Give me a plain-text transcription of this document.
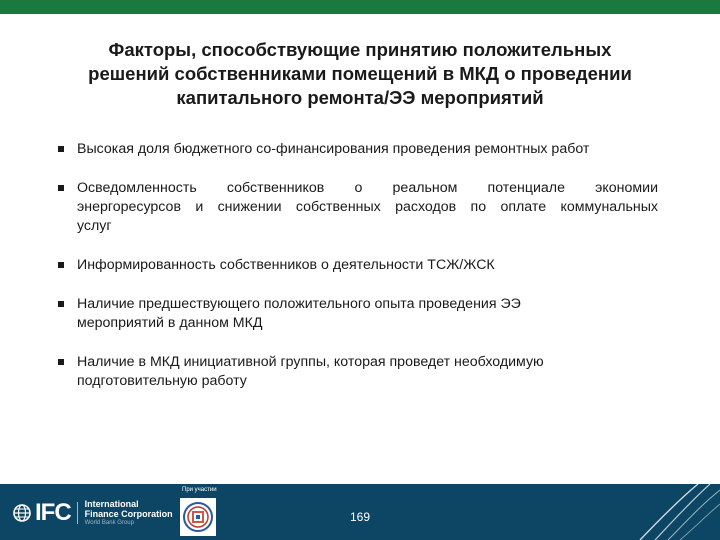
Факторы, способствующие принятию положительных
решений собственниками помещений в МКД о проведении
капитального ремонта/ЭЭ мероприятий
Высокая доля бюджетного со-финансирования проведения ремонтных работ
Осведомленность собственников о реальном потенциале экономии
энергоресурсов и снижении собственных расходов по оплате коммунальных
услуг
Информированность собственников о деятельности ТСЖ/ЖСК
Наличие предшествующего положительного опыта проведения ЭЭ
мероприятий в данном МКД
Наличие в МКД инициативной группы, которая проведет необходимую
подготовительную работу
IFC International
Finance Corporation
World Bank Group
При участии
169
